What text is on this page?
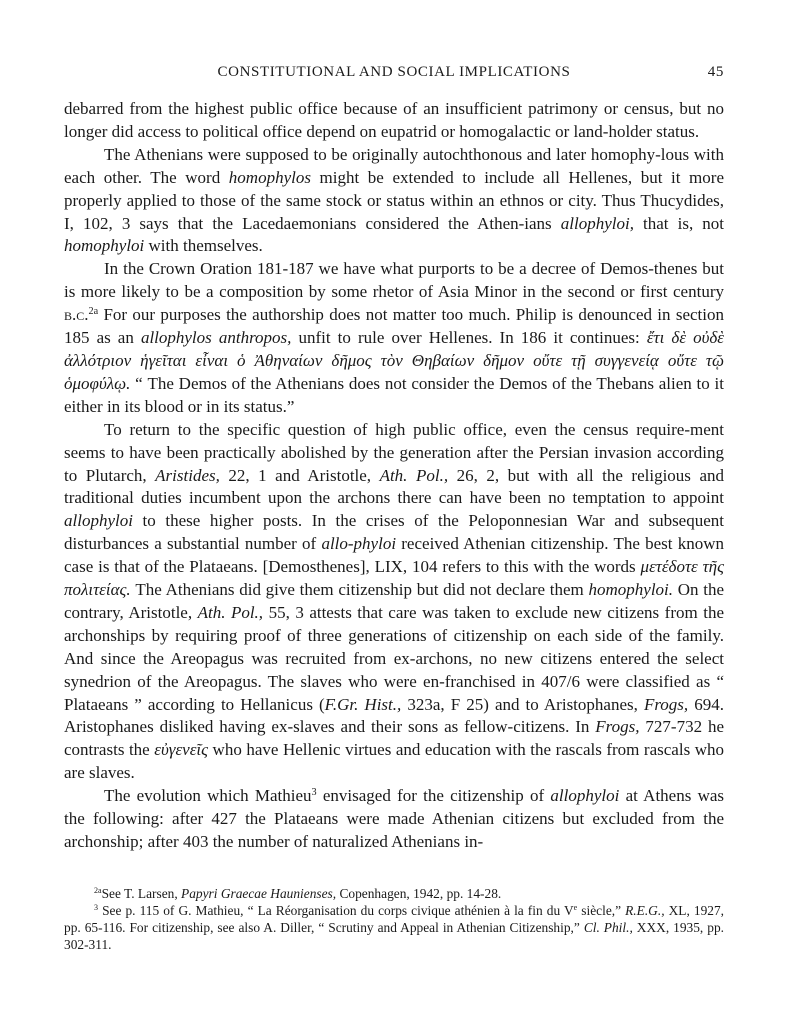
CONSTITUTIONAL AND SOCIAL IMPLICATIONS	45

debarred from the highest public office because of an insufficient patrimony or census, but no longer did access to political office depend on eupatrid or homogalactic or land-holder status.

The Athenians were supposed to be originally autochthonous and later homophy-lous with each other. The word homophylos might be extended to include all Hellenes, but it more properly applied to those of the same stock or status within an ethnos or city. Thus Thucydides, I, 102, 3 says that the Lacedaemonians considered the Athen-ians allophyloi, that is, not homophyloi with themselves.

In the Crown Oration 181-187 we have what purports to be a decree of Demos-thenes but is more likely to be a composition by some rhetor of Asia Minor in the second or first century b.c.$^{2a}$ For our purposes the authorship does not matter too much. Philip is denounced in section 185 as an allophylos anthropos, unfit to rule over Hellenes. In 186 it continues: ἔτι δὲ οὐδὲ ἀλλότριον ἡγεῖται εἶναι ὁ Ἀθηναίων δῆμος τὸν Θηβαίων δῆμον οὔτε τῇ συγγενείᾳ οὔτε τῷ ὁμοφύλῳ. “ The Demos of the Athenians does not consider the Demos of the Thebans alien to it either in its blood or in its status.”

To return to the specific question of high public office, even the census require-ment seems to have been practically abolished by the generation after the Persian invasion according to Plutarch, Aristides, 22, 1 and Aristotle, Ath. Pol., 26, 2, but with all the religious and traditional duties incumbent upon the archons there can have been no temptation to appoint allophyloi to these higher posts. In the crises of the Peloponnesian War and subsequent disturbances a substantial number of allo-phyloi received Athenian citizenship. The best known case is that of the Plataeans. [Demosthenes], LIX, 104 refers to this with the words μετέδοτε τῆς πολιτείας. The Athenians did give them citizenship but did not declare them homophyloi. On the contrary, Aristotle, Ath. Pol., 55, 3 attests that care was taken to exclude new citizens from the archonships by requiring proof of three generations of citizenship on each side of the family. And since the Areopagus was recruited from ex-archons, no new citizens entered the select synedrion of the Areopagus. The slaves who were en-franchised in 407/6 were classified as “ Plataeans ” according to Hellanicus (F.Gr. Hist., 323a, F 25) and to Aristophanes, Frogs, 694. Aristophanes disliked having ex-slaves and their sons as fellow-citizens. In Frogs, 727-732 he contrasts the εὐγενεῖς who have Hellenic virtues and education with the rascals from rascals who are slaves.

The evolution which Mathieu$^3$ envisaged for the citizenship of allophyloi at Athens was the following: after 427 the Plataeans were made Athenian citizens but excluded from the archonship; after 403 the number of naturalized Athenians in-

$^{2a}$See T. Larsen, Papyri Graecae Haunienses, Copenhagen, 1942, pp. 14-28.

$^3$ See p. 115 of G. Mathieu, “ La Réorganisation du corps civique athénien à la fin du Ve siècle,” R.E.G., XL, 1927, pp. 65-116. For citizenship, see also A. Diller, “ Scrutiny and Appeal in Athenian Citizenship,” Cl. Phil., XXX, 1935, pp. 302-311.
